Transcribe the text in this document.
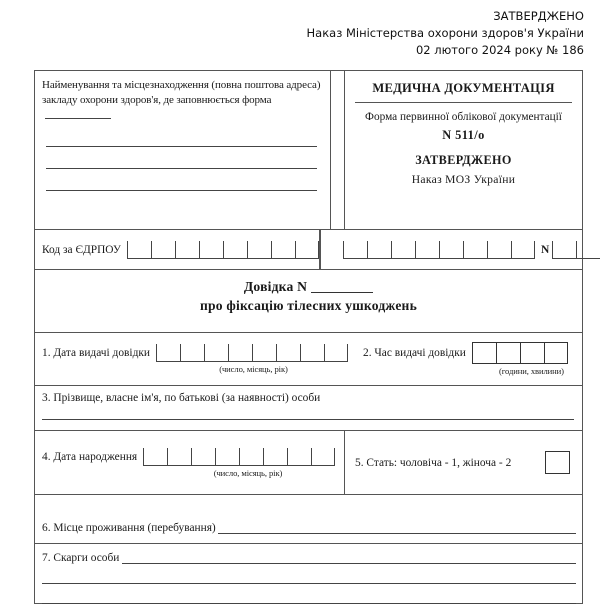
ЗАТВЕРДЖЕНО
Наказ Міністерства охорони здоров'я України
02 лютого 2024 року № 186
Найменування та місцезнаходження (повна поштова адреса)
закладу охорони здоров'я, де заповнюється форма
МЕДИЧНА ДОКУМЕНТАЦІЯ
Форма первинної облікової документації
N 511/о
ЗАТВЕРДЖЕНО
Наказ МОЗ України
Код за ЄДРПОУ	N
Довідка N
про фіксацію тілесних ушкоджень
1. Дата видачі довідки
(число, місяць, рік)
2. Час видачі довідки
(години, хвилини)
3. Прізвище, власне ім'я, по батькові (за наявності) особи
4. Дата народження
(число, місяць, рік)
5. Стать: чоловіча - 1, жіноча - 2
6. Місце проживання (перебування)
7. Скарги особи
